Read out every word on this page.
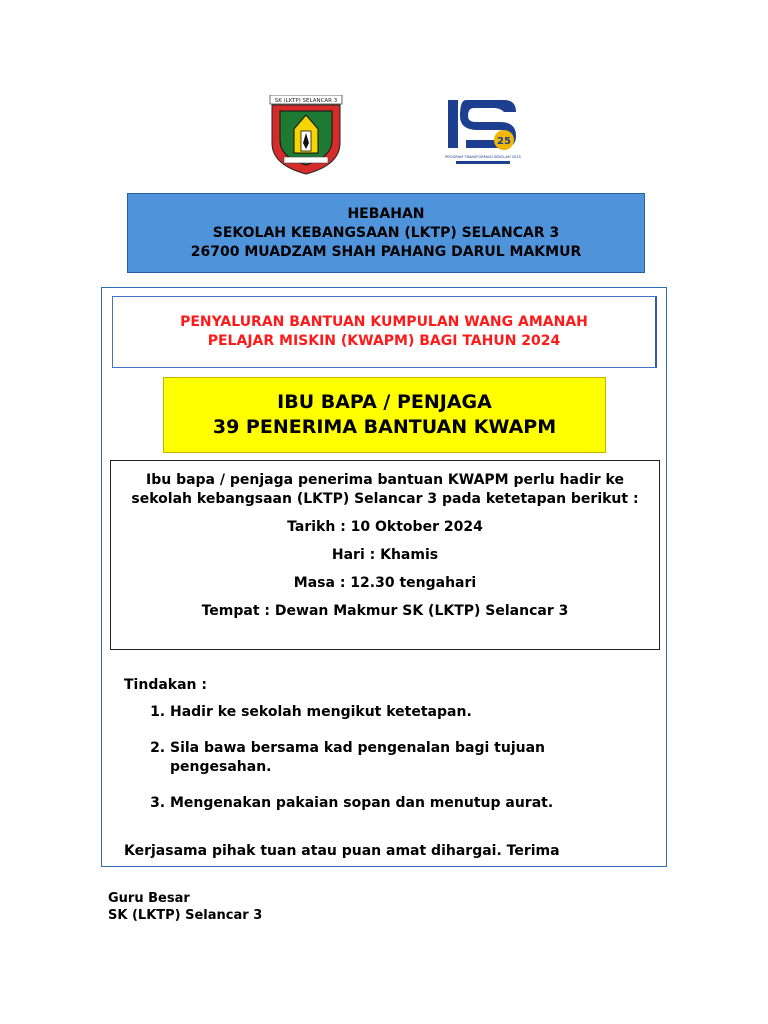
SK (LKTP) SELANCAR 3
25
PROGRAM TRANSFORMASI SEKOLAH 2025
HEBAHAN
SEKOLAH KEBANGSAAN (LKTP) SELANCAR 3
26700 MUADZAM SHAH PAHANG DARUL MAKMUR
PENYALURAN BANTUAN KUMPULAN WANG AMANAH
PELAJAR MISKIN (KWAPM) BAGI TAHUN 2024
IBU BAPA / PENJAGA
39 PENERIMA BANTUAN KWAPM
Ibu bapa / penjaga penerima bantuan KWAPM perlu hadir ke sekolah kebangsaan (LKTP) Selancar 3 pada ketetapan berikut :
Tarikh : 10 Oktober 2024
Hari : Khamis
Masa : 12.30 tengahari
Tempat : Dewan Makmur SK (LKTP) Selancar 3

Tindakan :

1. Hadir ke sekolah mengikut ketetapan.
2. Sila bawa bersama kad pengenalan bagi tujuan pengesahan.
3. Mengenakan pakaian sopan dan menutup aurat.
Kerjasama pihak tuan atau puan amat dihargai. Terima
Guru Besar
SK (LKTP) Selancar 3
